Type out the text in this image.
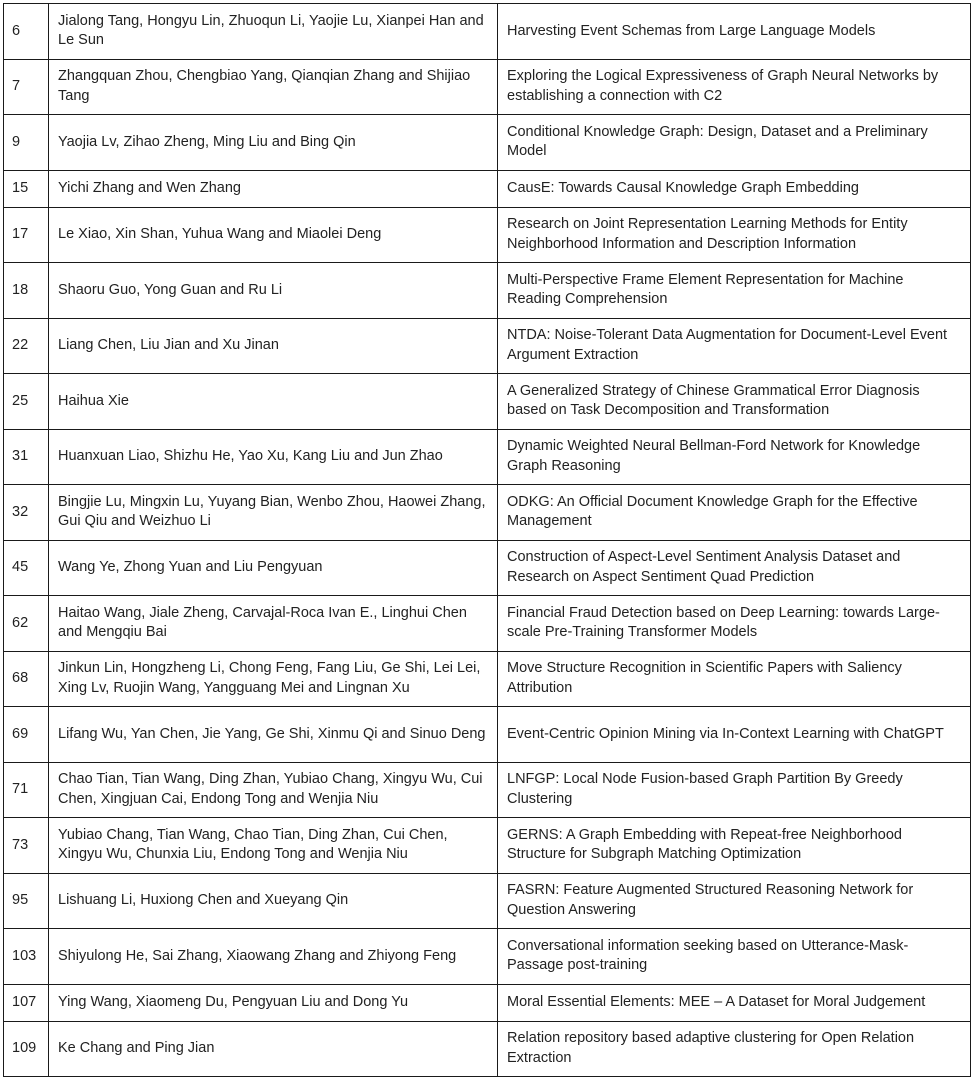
6	Jialong Tang, Hongyu Lin, Zhuoqun Li, Yaojie Lu, Xianpei Han and Le Sun	Harvesting Event Schemas from Large Language Models
7	Zhangquan Zhou, Chengbiao Yang, Qianqian Zhang and Shijiao Tang	Exploring the Logical Expressiveness of Graph Neural Networks by establishing a connection with C2
9	Yaojia Lv, Zihao Zheng, Ming Liu and Bing Qin	Conditional Knowledge Graph: Design, Dataset and a Preliminary Model
15	Yichi Zhang and Wen Zhang	CausE: Towards Causal Knowledge Graph Embedding
17	Le Xiao, Xin Shan, Yuhua Wang and Miaolei Deng	Research on Joint Representation Learning Methods for Entity Neighborhood Information and Description Information
18	Shaoru Guo, Yong Guan and Ru Li	Multi-Perspective Frame Element Representation for Machine Reading Comprehension
22	Liang Chen, Liu Jian and Xu Jinan	NTDA: Noise-Tolerant Data Augmentation for Document-Level Event Argument Extraction
25	Haihua Xie	A Generalized Strategy of Chinese Grammatical Error Diagnosis based on Task Decomposition and Transformation
31	Huanxuan Liao, Shizhu He, Yao Xu, Kang Liu and Jun Zhao	Dynamic Weighted Neural Bellman-Ford Network for Knowledge Graph Reasoning
32	Bingjie Lu, Mingxin Lu, Yuyang Bian, Wenbo Zhou, Haowei Zhang, Gui Qiu and Weizhuo Li	ODKG: An Official Document Knowledge Graph for the Effective Management
45	Wang Ye, Zhong Yuan and Liu Pengyuan	Construction of Aspect-Level Sentiment Analysis Dataset and Research on Aspect Sentiment Quad Prediction
62	Haitao Wang, Jiale Zheng, Carvajal-Roca Ivan E., Linghui Chen and Mengqiu Bai	Financial Fraud Detection based on Deep Learning: towards Large-scale Pre-Training Transformer Models
68	Jinkun Lin, Hongzheng Li, Chong Feng, Fang Liu, Ge Shi, Lei Lei, Xing Lv, Ruojin Wang, Yangguang Mei and Lingnan Xu	Move Structure Recognition in Scientific Papers with Saliency Attribution
69	Lifang Wu, Yan Chen, Jie Yang, Ge Shi, Xinmu Qi and Sinuo Deng	Event-Centric Opinion Mining via In-Context Learning with ChatGPT
71	Chao Tian, Tian Wang, Ding Zhan, Yubiao Chang, Xingyu Wu, Cui Chen, Xingjuan Cai, Endong Tong and Wenjia Niu	LNFGP: Local Node Fusion-based Graph Partition By Greedy Clustering
73	Yubiao Chang, Tian Wang, Chao Tian, Ding Zhan, Cui Chen, Xingyu Wu, Chunxia Liu, Endong Tong and Wenjia Niu	GERNS: A Graph Embedding with Repeat-free Neighborhood Structure for Subgraph Matching Optimization
95	Lishuang Li, Huxiong Chen and Xueyang Qin	FASRN: Feature Augmented Structured Reasoning Network for Question Answering
103	Shiyulong He, Sai Zhang, Xiaowang Zhang and Zhiyong Feng	Conversational information seeking based on Utterance-Mask-Passage post-training
107	Ying Wang, Xiaomeng Du, Pengyuan Liu and Dong Yu	Moral Essential Elements: MEE – A Dataset for Moral Judgement
109	Ke Chang and Ping Jian	Relation repository based adaptive clustering for Open Relation Extraction
